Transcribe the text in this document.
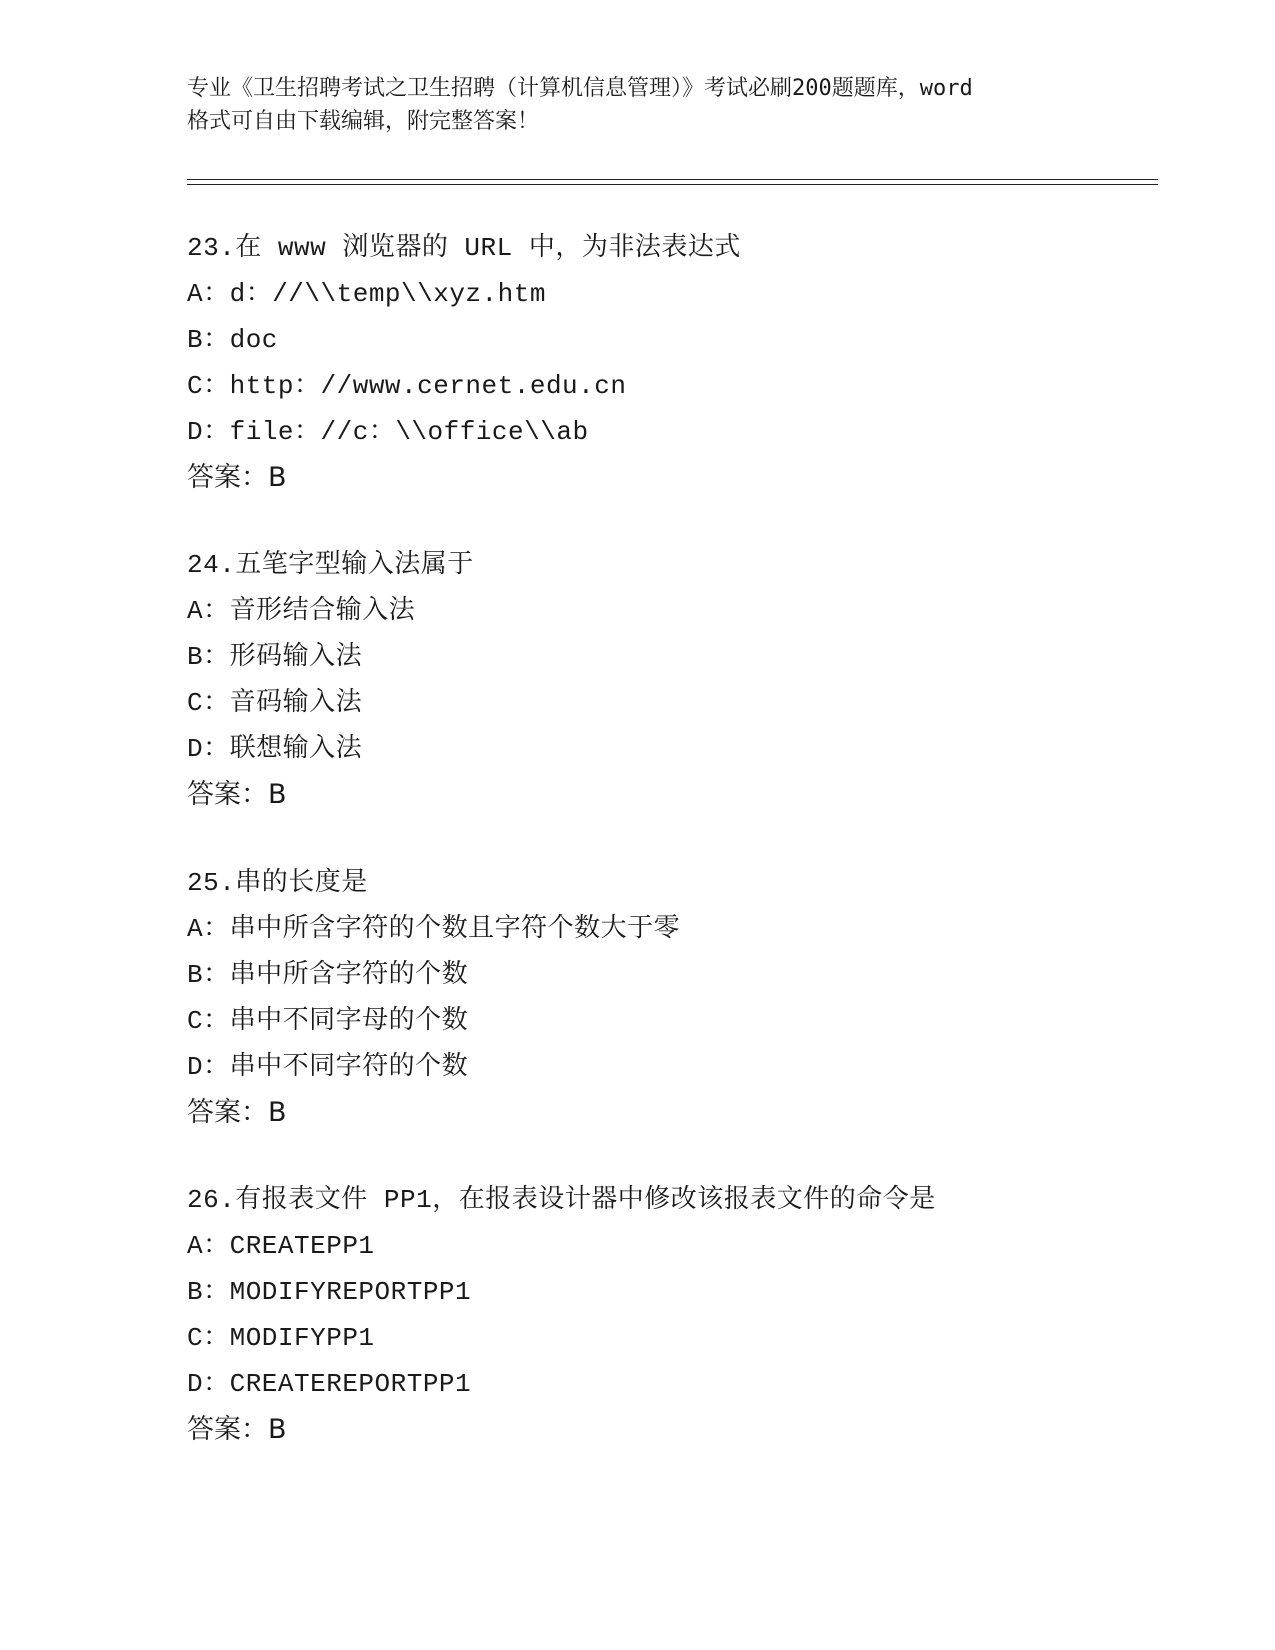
专业《卫生招聘考试之卫生招聘（计算机信息管理）》考试必刷200题题库，word
格式可自由下载编辑，附完整答案！
23.在 www 浏览器的 URL 中，为非法表达式
A：d：//\\temp\\xyz.htm
B：doc
C：http：//www.cernet.edu.cn
D：file：//c：\\office\\ab
答案：B
24.五笔字型输入法属于
A：音形结合输入法
B：形码输入法
C：音码输入法
D：联想输入法
答案：B
25.串的长度是
A：串中所含字符的个数且字符个数大于零
B：串中所含字符的个数
C：串中不同字母的个数
D：串中不同字符的个数
答案：B
26.有报表文件 PP1，在报表设计器中修改该报表文件的命令是
A：CREATEPP1
B：MODIFYREPORTPP1
C：MODIFYPP1
D：CREATEREPORTPP1
答案：B
